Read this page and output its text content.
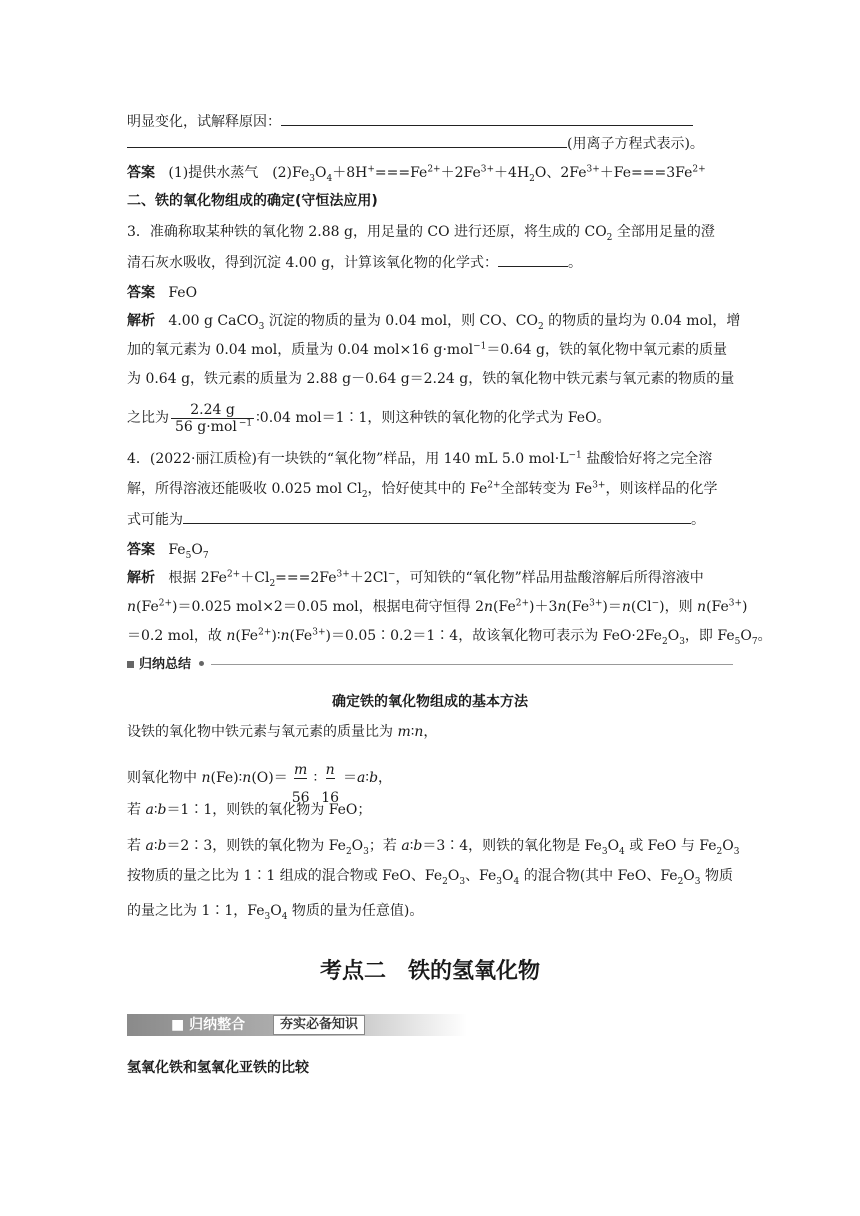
明显变化，试解释原因：
(用离子方程式表示)。
答案 (1)提供水蒸气　$(2)Fe_3O_4+8H^+===Fe^{2+}+2Fe^{3+}+4H_2O$、$2Fe^{3+}+Fe===3Fe^{2+}$
二、铁的氧化物组成的确定(守恒法应用)
3．准确称取某种铁的氧化物 2.88 g，用足量的 CO 进行还原，将生成的 $CO_2$ 全部用足量的澄
清石灰水吸收，得到沉淀 4.00 g，计算该氧化物的化学式：	。
答案 FeO
解析 4.00 g CaCO$_3$ 沉淀的物质的量为 0.04 mol，则 CO、$CO_2$ 的物质的量均为 0.04 mol，增
加的氧元素为 0.04 mol，质量为 0.04 mol×16 g·mol$^{-1}$＝0.64 g，铁的氧化物中氧元素的质量
为 0.64 g，铁元素的质量为 2.88 g－0.64 g＝2.24 g，铁的氧化物中铁元素与氧元素的物质的量
之比为 $\frac{2.24 g}{56 g\cdot mol ^{-1}}$ ∶0.04 mol＝1∶1，则这种铁的氧化物的化学式为 FeO。
4．(2022·丽江质检)有一块铁的“氧化物”样品，用 140 mL 5.0 $mol\cdot L^{-1}$ 盐酸恰好将之完全溶
解，所得溶液还能吸收 0.025 mol $Cl_2$，恰好使其中的 $Fe^{2+}$全部转变为 $Fe^{3+}$，则该样品的化学
式可能为	。
答案 $Fe_5O_7$
解析 根据 $2Fe^{2+}+Cl_2===2Fe^{3+}+2Cl^-$，可知铁的“氧化物”样品用盐酸溶解后所得溶液中
$n(Fe^{2+})=0.025$ mol×2＝0.05 mol，根据电荷守恒得 $2n(Fe^{2+})+3n(Fe^{3+})=n(Cl^-)$，则 $n(Fe^{3+})$
＝0.2 mol，故 $n(Fe^{2+})∶n(Fe^{3+})=0.05∶0.2=1∶4$，故该氧化物可表示为 $FeO\cdot 2Fe_2O_3$，即 $Fe_5O_7$。
归纳总结
确定铁的氧化物组成的基本方法
设铁的氧化物中铁元素与氧元素的质量比为 m∶n，
则氧化物中 n(Fe)∶n(O)＝ $\frac{m}{56}$ ∶ $\frac{n}{16}$ ＝a∶b，
若 a∶b＝1∶1，则铁的氧化物为 FeO；
若 a∶b＝2∶3，则铁的氧化物为 $Fe_2O_3$；若 a∶b＝3∶4，则铁的氧化物是 $Fe_3O_4$ 或 FeO 与 $Fe_2O_3$
按物质的量之比为 1∶1 组成的混合物或 FeO、$Fe_2O_3$、$Fe_3O_4$ 的混合物(其中 FeO、$Fe_2O_3$ 物质
的量之比为 1∶1，$Fe_3O_4$ 物质的量为任意值)。
考点二　铁的氢氧化物
■ 归纳整合	夯实必备知识
氢氧化铁和氢氧化亚铁的比较
